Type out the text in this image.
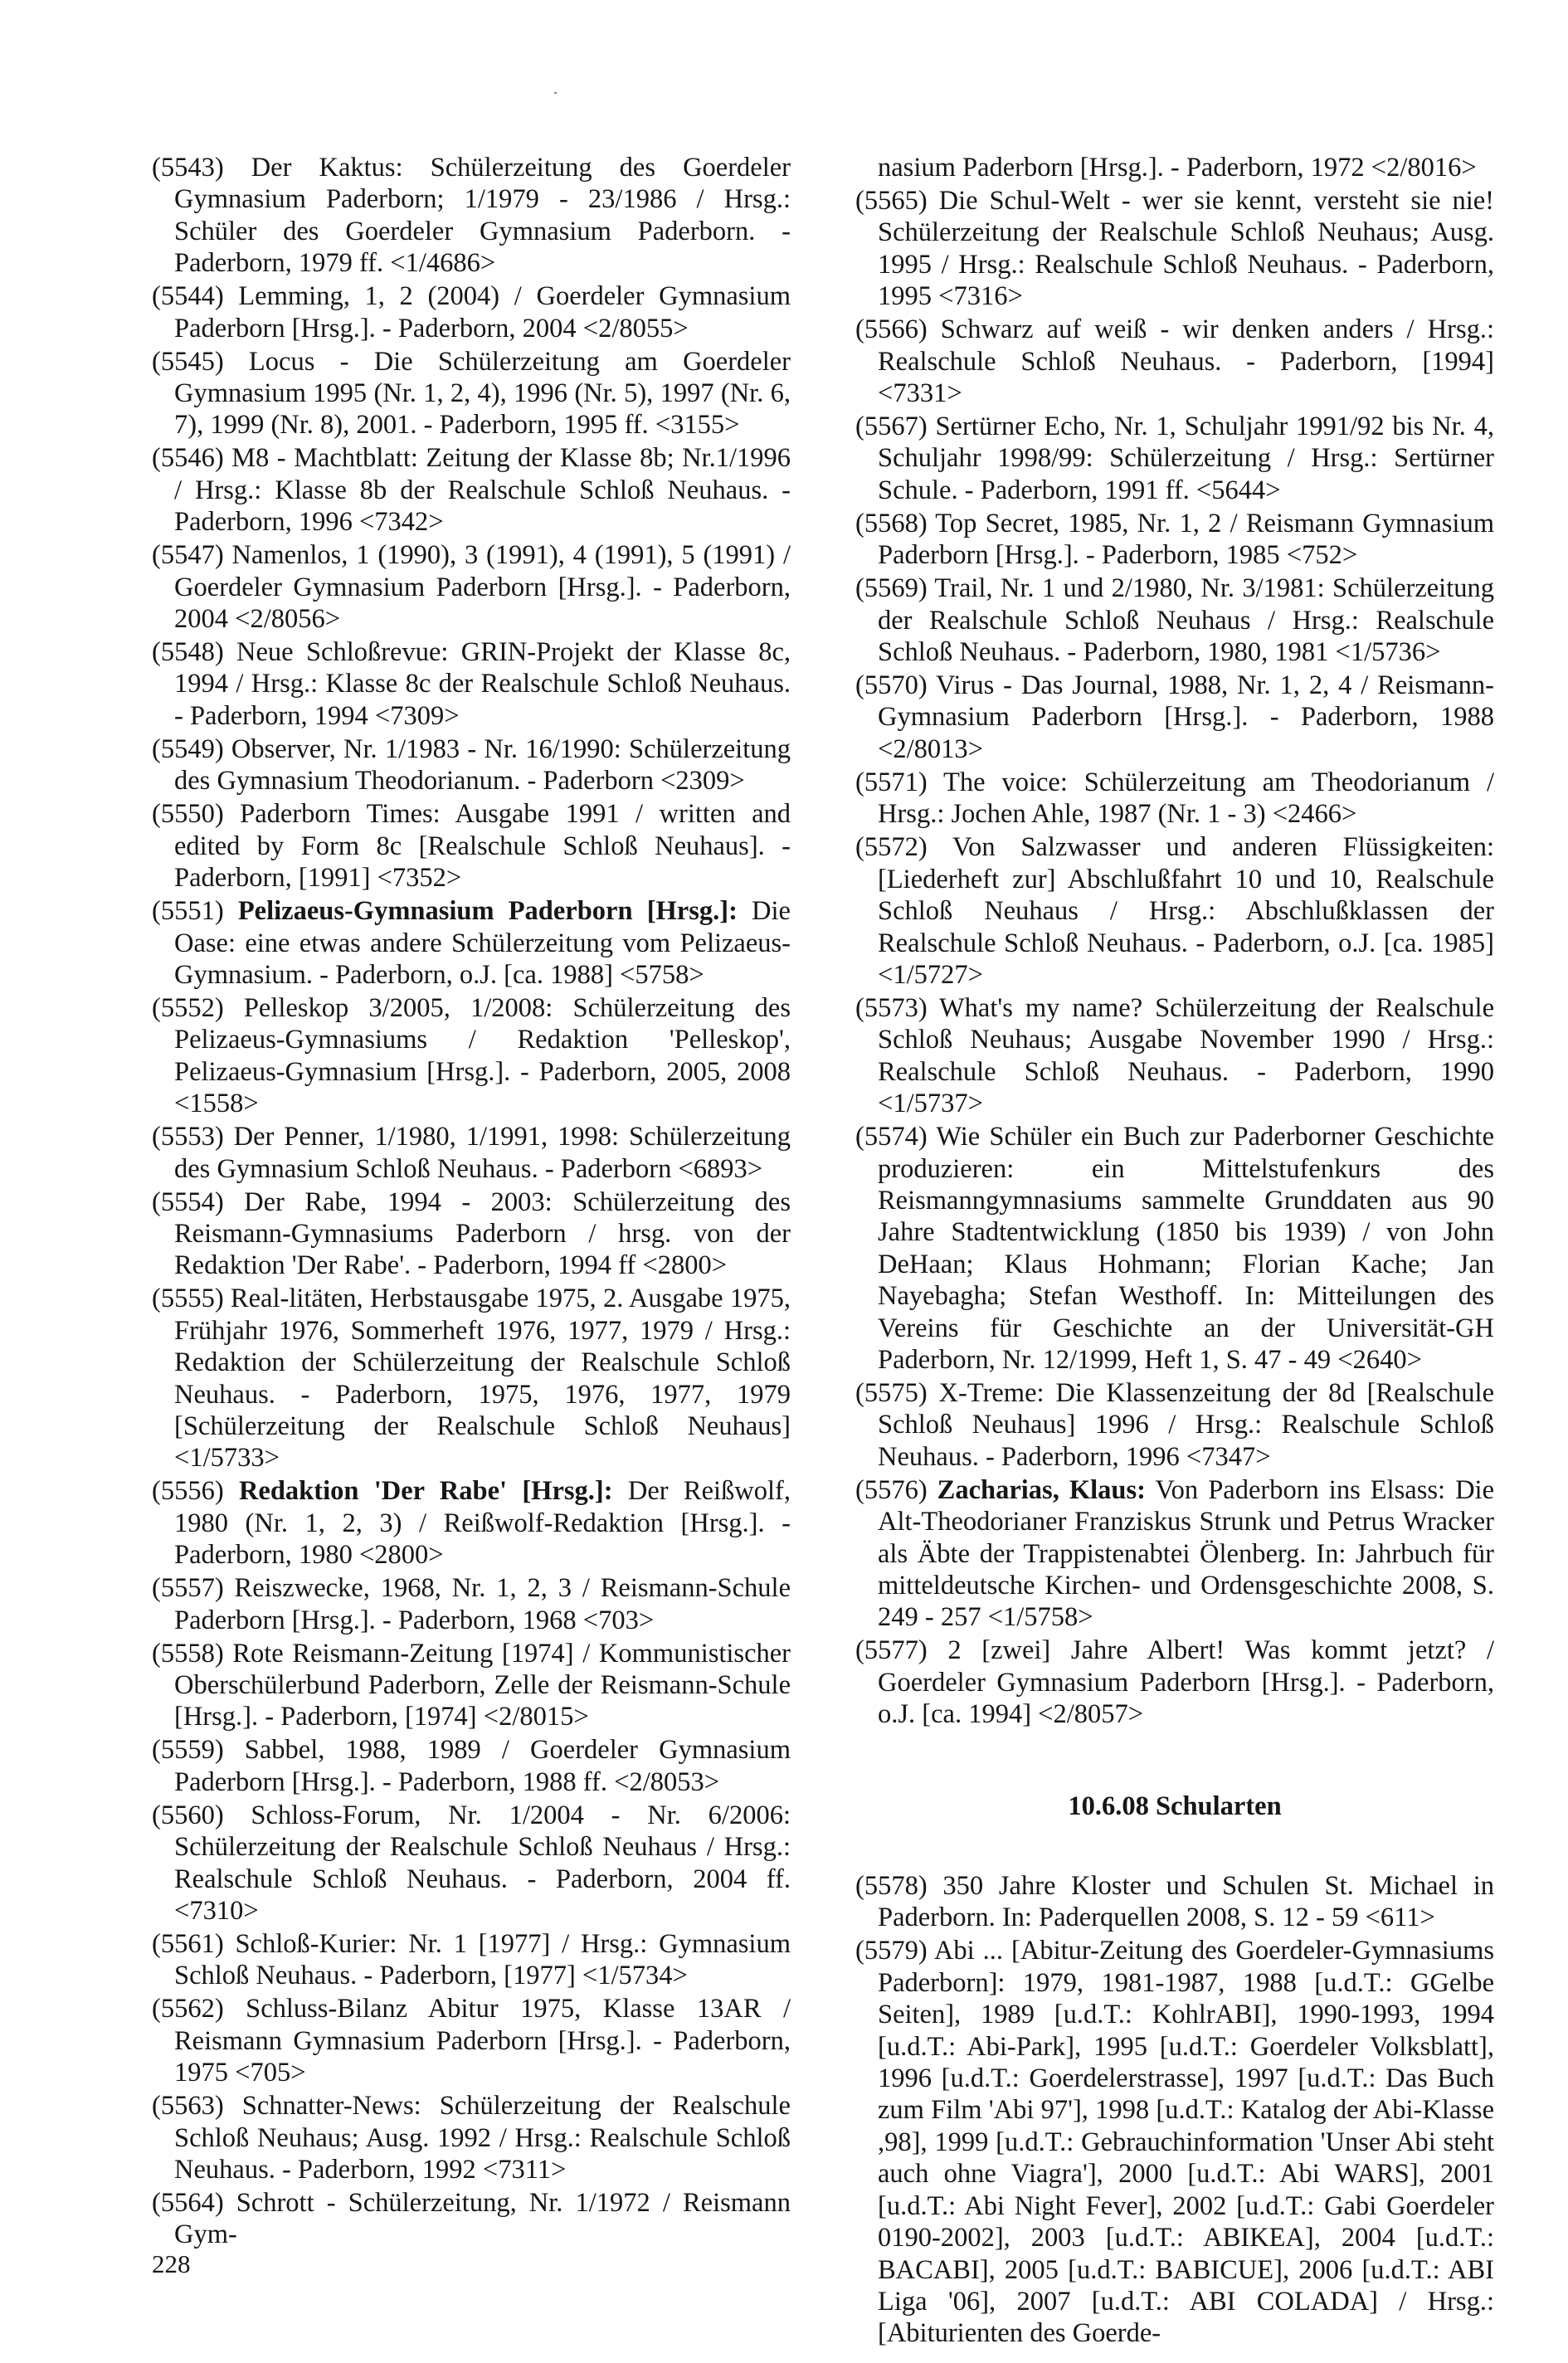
(5543) Der Kaktus: Schülerzeitung des Goerdeler Gymnasium Paderborn; 1/1979 - 23/1986 / Hrsg.: Schüler des Goerdeler Gymnasium Paderborn. - Paderborn, 1979 ff. <1/4686>

(5544) Lemming, 1, 2 (2004) / Goerdeler Gymnasium Paderborn [Hrsg.]. - Paderborn, 2004 <2/8055>

(5545) Locus - Die Schülerzeitung am Goerdeler Gymnasium 1995 (Nr. 1, 2, 4), 1996 (Nr. 5), 1997 (Nr. 6, 7), 1999 (Nr. 8), 2001. - Paderborn, 1995 ff. <3155>

(5546) M8 - Machtblatt: Zeitung der Klasse 8b; Nr.1/1996 / Hrsg.: Klasse 8b der Realschule Schloß Neuhaus. - Paderborn, 1996 <7342>

(5547) Namenlos, 1 (1990), 3 (1991), 4 (1991), 5 (1991) / Goerdeler Gymnasium Paderborn [Hrsg.]. - Paderborn, 2004 <2/8056>

(5548) Neue Schloßrevue: GRIN-Projekt der Klasse 8c, 1994 / Hrsg.: Klasse 8c der Realschule Schloß Neuhaus. - Paderborn, 1994 <7309>

(5549) Observer, Nr. 1/1983 - Nr. 16/1990: Schülerzeitung des Gymnasium Theodorianum. - Paderborn <2309>

(5550) Paderborn Times: Ausgabe 1991 / written and edited by Form 8c [Realschule Schloß Neuhaus]. - Paderborn, [1991] <7352>

(5551) Pelizaeus-Gymnasium Paderborn [Hrsg.]: Die Oase: eine etwas andere Schülerzeitung vom Pelizaeus-Gymnasium. - Paderborn, o.J. [ca. 1988] <5758>

(5552) Pelleskop 3/2005, 1/2008: Schülerzeitung des Pelizaeus-Gymnasiums / Redaktion 'Pelleskop', Pelizaeus-Gymnasium [Hrsg.]. - Paderborn, 2005, 2008 <1558>

(5553) Der Penner, 1/1980, 1/1991, 1998: Schülerzeitung des Gymnasium Schloß Neuhaus. - Paderborn <6893>

(5554) Der Rabe, 1994 - 2003: Schülerzeitung des Reismann-Gymnasiums Paderborn / hrsg. von der Redaktion 'Der Rabe'. - Paderborn, 1994 ff <2800>

(5555) Real-litäten, Herbstausgabe 1975, 2. Ausgabe 1975, Frühjahr 1976, Sommerheft 1976, 1977, 1979 / Hrsg.: Redaktion der Schülerzeitung der Realschule Schloß Neuhaus. - Paderborn, 1975, 1976, 1977, 1979 [Schülerzeitung der Realschule Schloß Neuhaus] <1/5733>

(5556) Redaktion 'Der Rabe' [Hrsg.]: Der Reißwolf, 1980 (Nr. 1, 2, 3) / Reißwolf-Redaktion [Hrsg.]. - Paderborn, 1980 <2800>

(5557) Reiszwecke, 1968, Nr. 1, 2, 3 / Reismann-Schule Paderborn [Hrsg.]. - Paderborn, 1968 <703>

(5558) Rote Reismann-Zeitung [1974] / Kommunistischer Oberschülerbund Paderborn, Zelle der Reismann-Schule [Hrsg.]. - Paderborn, [1974] <2/8015>

(5559) Sabbel, 1988, 1989 / Goerdeler Gymnasium Paderborn [Hrsg.]. - Paderborn, 1988 ff. <2/8053>

(5560) Schloss-Forum, Nr. 1/2004 - Nr. 6/2006: Schülerzeitung der Realschule Schloß Neuhaus / Hrsg.: Realschule Schloß Neuhaus. - Paderborn, 2004 ff. <7310>

(5561) Schloß-Kurier: Nr. 1 [1977] / Hrsg.: Gymnasium Schloß Neuhaus. - Paderborn, [1977] <1/5734>

(5562) Schluss-Bilanz Abitur 1975, Klasse 13AR / Reismann Gymnasium Paderborn [Hrsg.]. - Paderborn, 1975 <705>

(5563) Schnatter-News: Schülerzeitung der Realschule Schloß Neuhaus; Ausg. 1992 / Hrsg.: Realschule Schloß Neuhaus. - Paderborn, 1992 <7311>

(5564) Schrott - Schülerzeitung, Nr. 1/1972 / Reismann Gym-

nasium Paderborn [Hrsg.]. - Paderborn, 1972 <2/8016>

(5565) Die Schul-Welt - wer sie kennt, versteht sie nie! Schülerzeitung der Realschule Schloß Neuhaus; Ausg. 1995 / Hrsg.: Realschule Schloß Neuhaus. - Paderborn, 1995 <7316>

(5566) Schwarz auf weiß - wir denken anders / Hrsg.: Realschule Schloß Neuhaus. - Paderborn, [1994] <7331>

(5567) Sertürner Echo, Nr. 1, Schuljahr 1991/92 bis Nr. 4, Schuljahr 1998/99: Schülerzeitung / Hrsg.: Sertürner Schule. - Paderborn, 1991 ff. <5644>

(5568) Top Secret, 1985, Nr. 1, 2 / Reismann Gymnasium Paderborn [Hrsg.]. - Paderborn, 1985 <752>

(5569) Trail, Nr. 1 und 2/1980, Nr. 3/1981: Schülerzeitung der Realschule Schloß Neuhaus / Hrsg.: Realschule Schloß Neuhaus. - Paderborn, 1980, 1981 <1/5736>

(5570) Virus - Das Journal, 1988, Nr. 1, 2, 4 / Reismann-Gymnasium Paderborn [Hrsg.]. - Paderborn, 1988 <2/8013>

(5571) The voice: Schülerzeitung am Theodorianum / Hrsg.: Jochen Ahle, 1987 (Nr. 1 - 3) <2466>

(5572) Von Salzwasser und anderen Flüssigkeiten: [Liederheft zur] Abschlußfahrt 10 und 10, Realschule Schloß Neuhaus / Hrsg.: Abschlußklassen der Realschule Schloß Neuhaus. - Paderborn, o.J. [ca. 1985] <1/5727>

(5573) What's my name? Schülerzeitung der Realschule Schloß Neuhaus; Ausgabe November 1990 / Hrsg.: Realschule Schloß Neuhaus. - Paderborn, 1990 <1/5737>

(5574) Wie Schüler ein Buch zur Paderborner Geschichte produzieren: ein Mittelstufenkurs des Reismanngymnasiums sammelte Grunddaten aus 90 Jahre Stadtentwicklung (1850 bis 1939) / von John DeHaan; Klaus Hohmann; Florian Kache; Jan Nayebagha; Stefan Westhoff. In: Mitteilungen des Vereins für Geschichte an der Universität-GH Paderborn, Nr. 12/1999, Heft 1, S. 47 - 49 <2640>

(5575) X-Treme: Die Klassenzeitung der 8d [Realschule Schloß Neuhaus] 1996 / Hrsg.: Realschule Schloß Neuhaus. - Paderborn, 1996 <7347>

(5576) Zacharias, Klaus: Von Paderborn ins Elsass: Die Alt-Theodorianer Franziskus Strunk und Petrus Wracker als Äbte der Trappistenabtei Ölenberg. In: Jahrbuch für mitteldeutsche Kirchen- und Ordensgeschichte 2008, S. 249 - 257 <1/5758>

(5577) 2 [zwei] Jahre Albert! Was kommt jetzt? / Goerdeler Gymnasium Paderborn [Hrsg.]. - Paderborn, o.J. [ca. 1994] <2/8057>

10.6.08 Schularten

(5578) 350 Jahre Kloster und Schulen St. Michael in Paderborn. In: Paderquellen 2008, S. 12 - 59 <611>

(5579) Abi ... [Abitur-Zeitung des Goerdeler-Gymnasiums Paderborn]: 1979, 1981-1987, 1988 [u.d.T.: GGelbe Seiten], 1989 [u.d.T.: KohlrABI], 1990-1993, 1994 [u.d.T.: Abi-Park], 1995 [u.d.T.: Goerdeler Volksblatt], 1996 [u.d.T.: Goerdelerstrasse], 1997 [u.d.T.: Das Buch zum Film 'Abi 97'], 1998 [u.d.T.: Katalog der Abi-Klasse ,98], 1999 [u.d.T.: Gebrauchinformation 'Unser Abi steht auch ohne Viagra'], 2000 [u.d.T.: Abi WARS], 2001 [u.d.T.: Abi Night Fever], 2002 [u.d.T.: Gabi Goerdeler 0190-2002], 2003 [u.d.T.: ABIKEA], 2004 [u.d.T.: BACABI], 2005 [u.d.T.: BABICUE], 2006 [u.d.T.: ABI Liga '06], 2007 [u.d.T.: ABI COLADA] / Hrsg.: [Abiturienten des Goerde-

228
